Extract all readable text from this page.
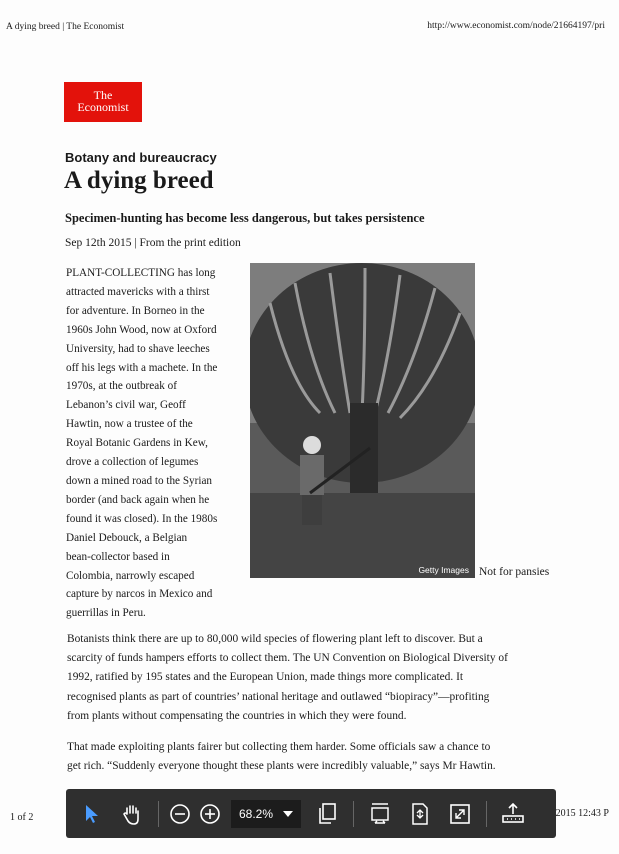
A dying breed | The Economist	http://www.economist.com/node/21664197/pri
The
Economist
Botany and bureaucracy
A dying breed
Specimen-hunting has become less dangerous, but takes persistence
Sep 12th 2015 | From the print edition
PLANT-COLLECTING has long
attracted mavericks with a thirst
for adventure. In Borneo in the
1960s John Wood, now at Oxford
University, had to shave leeches
off his legs with a machete. In the
1970s, at the outbreak of
Lebanon’s civil war, Geoff
Hawtin, now a trustee of the
Royal Botanic Gardens in Kew,
drove a collection of legumes
down a mined road to the Syrian
border (and back again when he
found it was closed). In the 1980s
Daniel Debouck, a Belgian
bean-collector based in
Colombia, narrowly escaped
capture by narcos in Mexico and
guerrillas in Peru.
Getty Images Not for pansies
Botanists think there are up to 80,000 wild species of flowering plant left to discover. But a
scarcity of funds hampers efforts to collect them. The UN Convention on Biological Diversity of
1992, ratified by 195 states and the European Union, made things more complicated. It
recognised plants as part of countries’ national heritage and outlawed “biopiracy”—profiting
from plants without compensating the countries in which they were found.
That made exploiting plants fairer but collecting them harder. Some officials saw a chance to
get rich. “Suddenly everyone thought these plants were incredibly valuable,” says Mr Hawtin.
1 of 2	2015 12:43 P
68.2%
